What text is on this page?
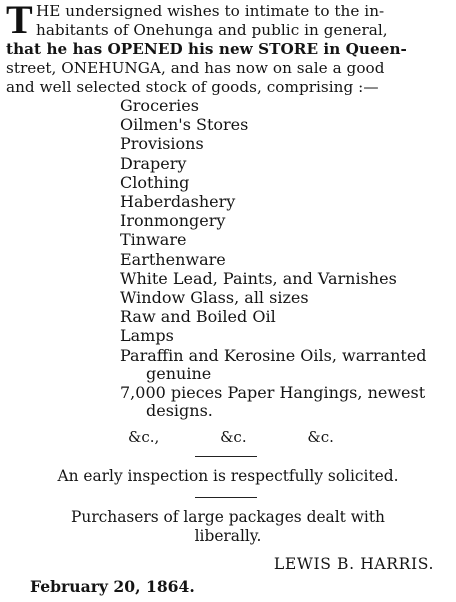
T HE undersigned wishes to intimate to the in-
habitants of Onehunga and public in general,
that he has OPENED his new STORE in Queen-
street, ONEHUNGA, and has now on sale a good
and well selected stock of goods, comprising :—
Groceries
Oilmen's Stores
Provisions
Drapery
Clothing
Haberdashery
Ironmongery
Tinware
Earthenware
White Lead, Paints, and Varnishes
Window Glass, all sizes
Raw and Boiled Oil
Lamps
Paraffin and Kerosine Oils, warranted
genuine
7,000 pieces Paper Hangings, newest
designs.
&c.,	&c.	&c.
An early inspection is respectfully solicited.
Purchasers of large packages dealt with
liberally.
LEWIS B. HARRIS.
February 20, 1864.
